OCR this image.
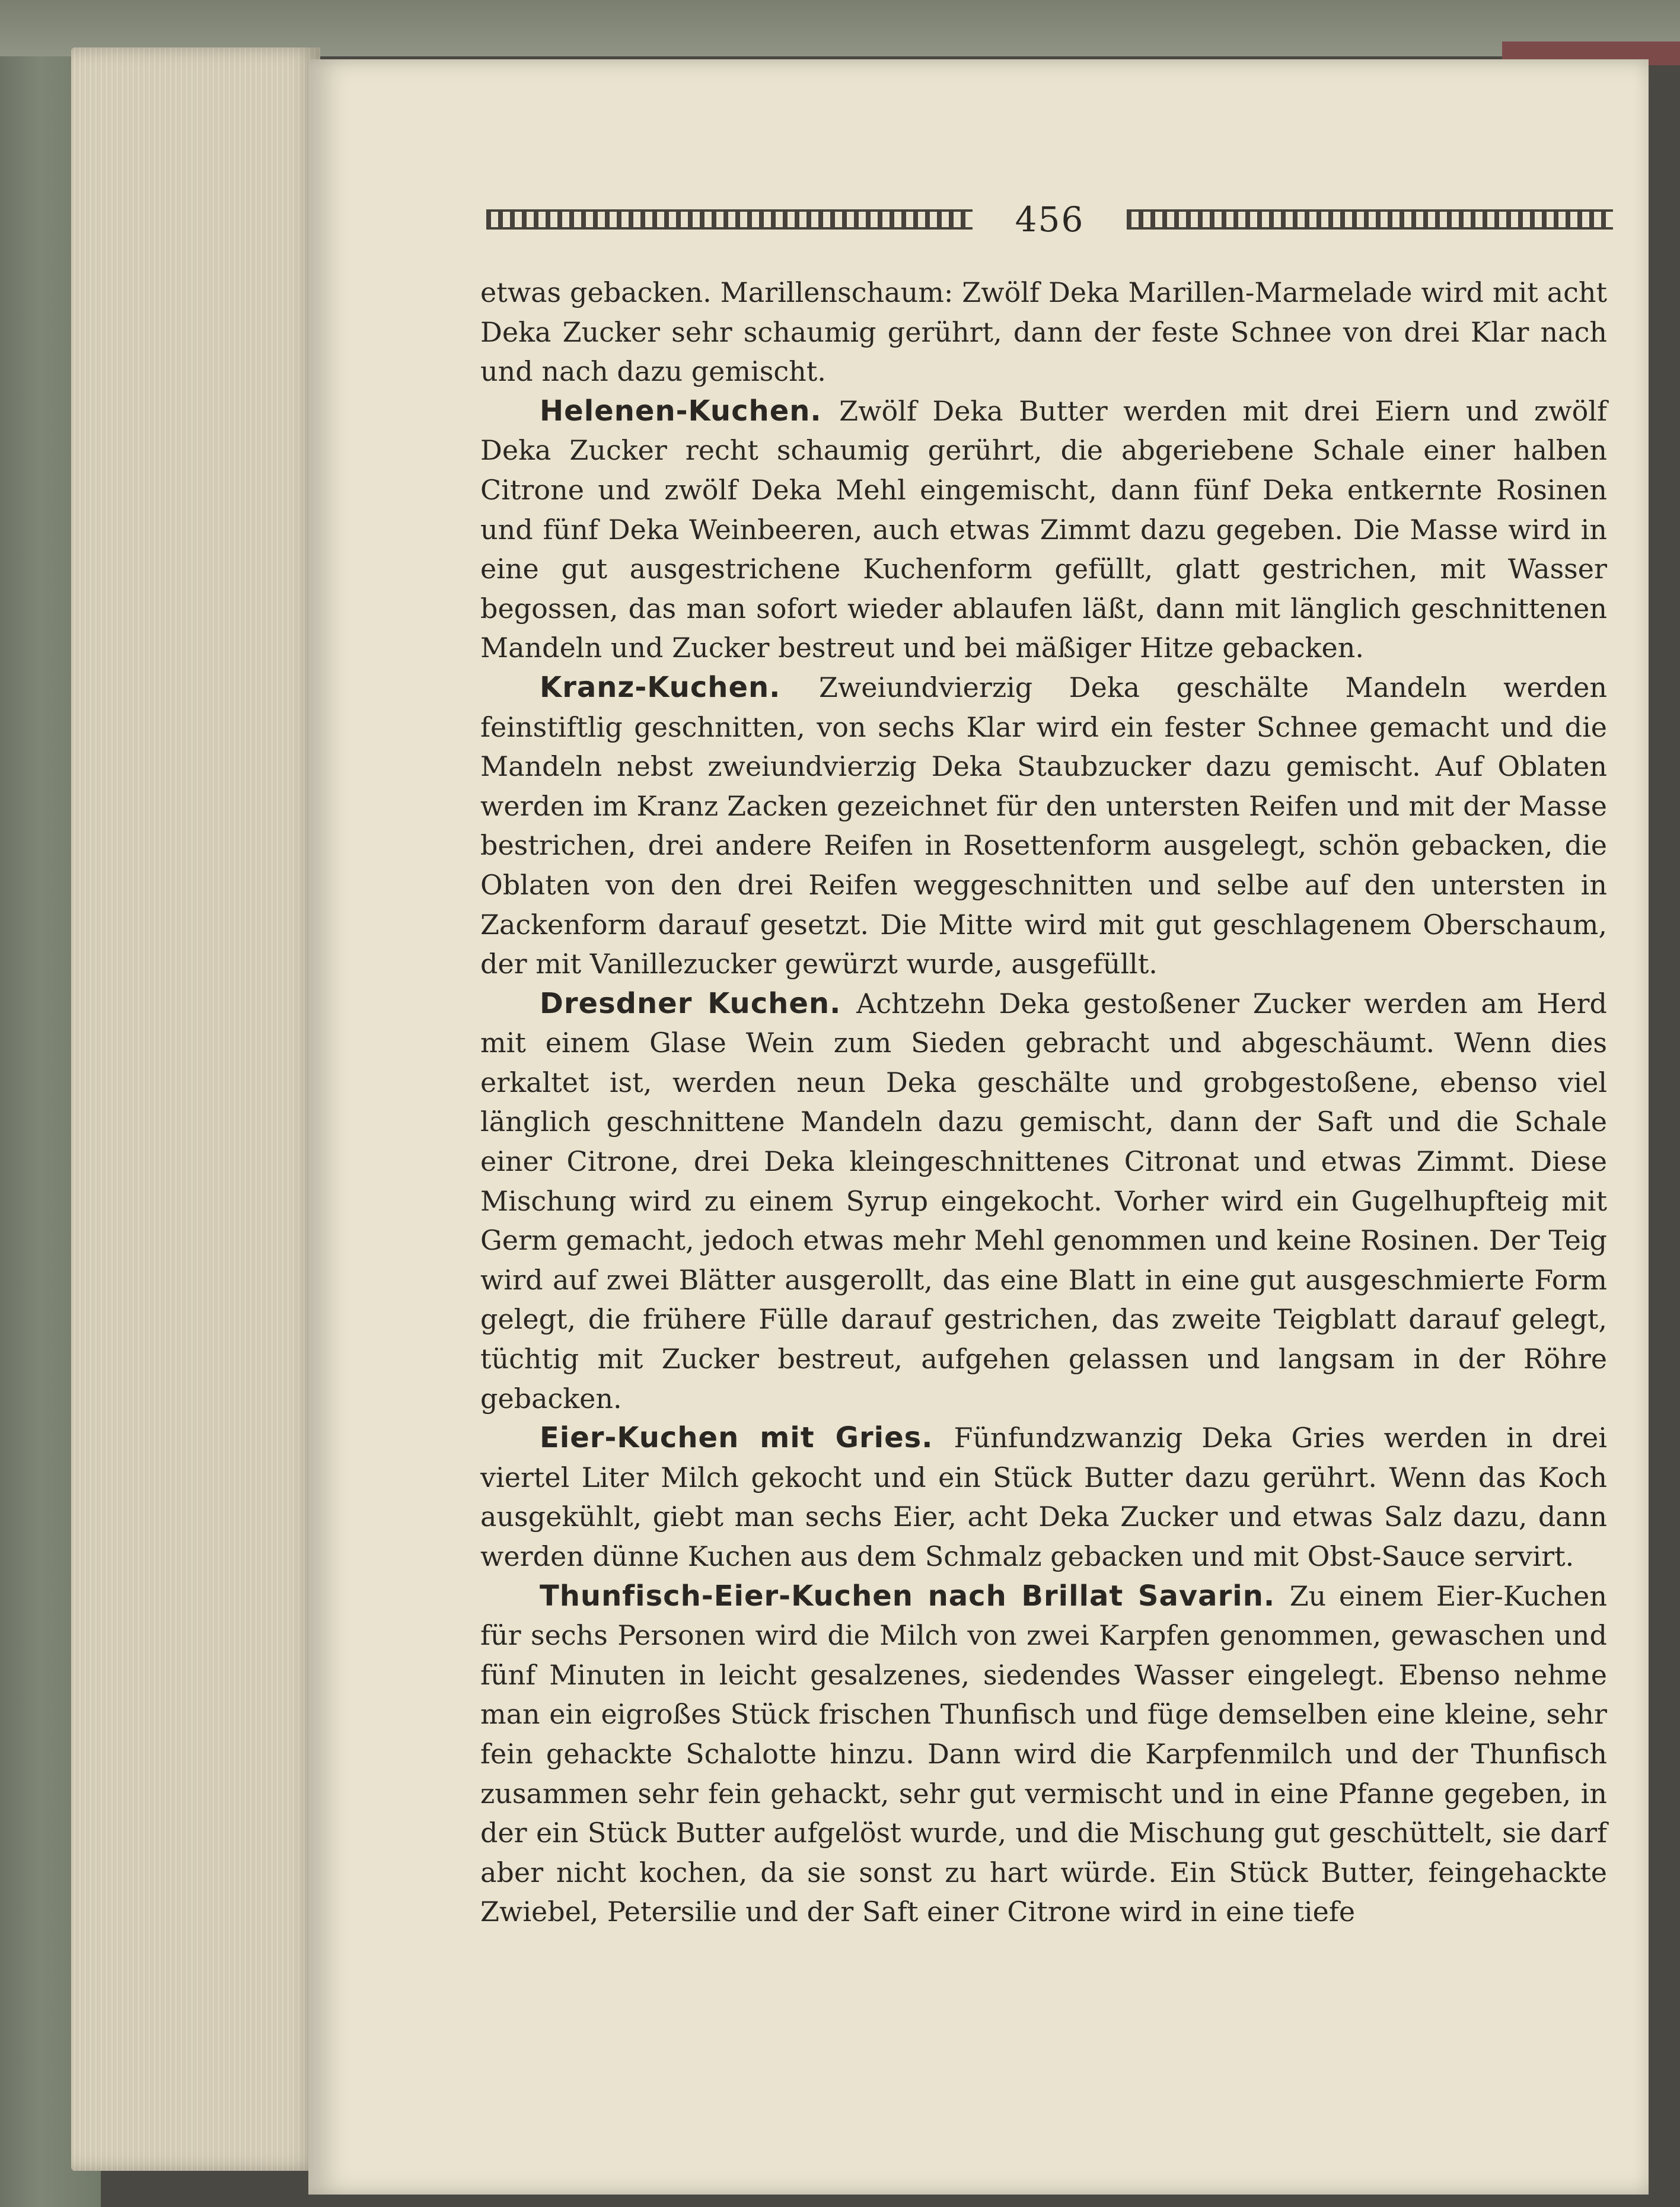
456

etwas gebacken. Marillenschaum: Zwölf Deka Marillen-Marmelade wird mit acht Deka Zucker sehr schaumig gerührt, dann der feste Schnee von drei Klar nach und nach dazu gemischt.

Helenen-Kuchen. Zwölf Deka Butter werden mit drei Eiern und zwölf Deka Zucker recht schaumig gerührt, die abgeriebene Schale einer halben Citrone und zwölf Deka Mehl eingemischt, dann fünf Deka entkernte Rosinen und fünf Deka Weinbeeren, auch etwas Zimmt dazu gegeben. Die Masse wird in eine gut ausgestrichene Kuchenform gefüllt, glatt gestrichen, mit Wasser begossen, das man sofort wieder ablaufen läßt, dann mit länglich geschnittenen Mandeln und Zucker bestreut und bei mäßiger Hitze gebacken.

Kranz-Kuchen. Zweiundvierzig Deka geschälte Mandeln werden feinstiftlig geschnitten, von sechs Klar wird ein fester Schnee gemacht und die Mandeln nebst zweiundvierzig Deka Staubzucker dazu gemischt. Auf Oblaten werden im Kranz Zacken gezeichnet für den untersten Reifen und mit der Masse bestrichen, drei andere Reifen in Rosettenform ausgelegt, schön gebacken, die Oblaten von den drei Reifen weggeschnitten und selbe auf den untersten in Zackenform darauf gesetzt. Die Mitte wird mit gut geschlagenem Oberschaum, der mit Vanillezucker gewürzt wurde, ausgefüllt.

Dresdner Kuchen. Achtzehn Deka gestoßener Zucker werden am Herd mit einem Glase Wein zum Sieden gebracht und abgeschäumt. Wenn dies erkaltet ist, werden neun Deka geschälte und grobgestoßene, ebenso viel länglich geschnittene Mandeln dazu gemischt, dann der Saft und die Schale einer Citrone, drei Deka kleingeschnittenes Citronat und etwas Zimmt. Diese Mischung wird zu einem Syrup eingekocht. Vorher wird ein Gugelhupfteig mit Germ gemacht, jedoch etwas mehr Mehl genommen und keine Rosinen. Der Teig wird auf zwei Blätter ausgerollt, das eine Blatt in eine gut ausgeschmierte Form gelegt, die frühere Fülle darauf gestrichen, das zweite Teigblatt darauf gelegt, tüchtig mit Zucker bestreut, aufgehen gelassen und langsam in der Röhre gebacken.

Eier-Kuchen mit Gries. Fünfundzwanzig Deka Gries werden in drei viertel Liter Milch gekocht und ein Stück Butter dazu gerührt. Wenn das Koch ausgekühlt, giebt man sechs Eier, acht Deka Zucker und etwas Salz dazu, dann werden dünne Kuchen aus dem Schmalz gebacken und mit Obst-Sauce servirt.

Thunfisch-Eier-Kuchen nach Brillat Savarin. Zu einem Eier-Kuchen für sechs Personen wird die Milch von zwei Karpfen genommen, gewaschen und fünf Minuten in leicht gesalzenes, siedendes Wasser eingelegt. Ebenso nehme man ein eigroßes Stück frischen Thunfisch und füge demselben eine kleine, sehr fein gehackte Schalotte hinzu. Dann wird die Karpfenmilch und der Thunfisch zusammen sehr fein gehackt, sehr gut vermischt und in eine Pfanne gegeben, in der ein Stück Butter aufgelöst wurde, und die Mischung gut geschüttelt, sie darf aber nicht kochen, da sie sonst zu hart würde. Ein Stück Butter, feingehackte Zwiebel, Petersilie und der Saft einer Citrone wird in eine tiefe
